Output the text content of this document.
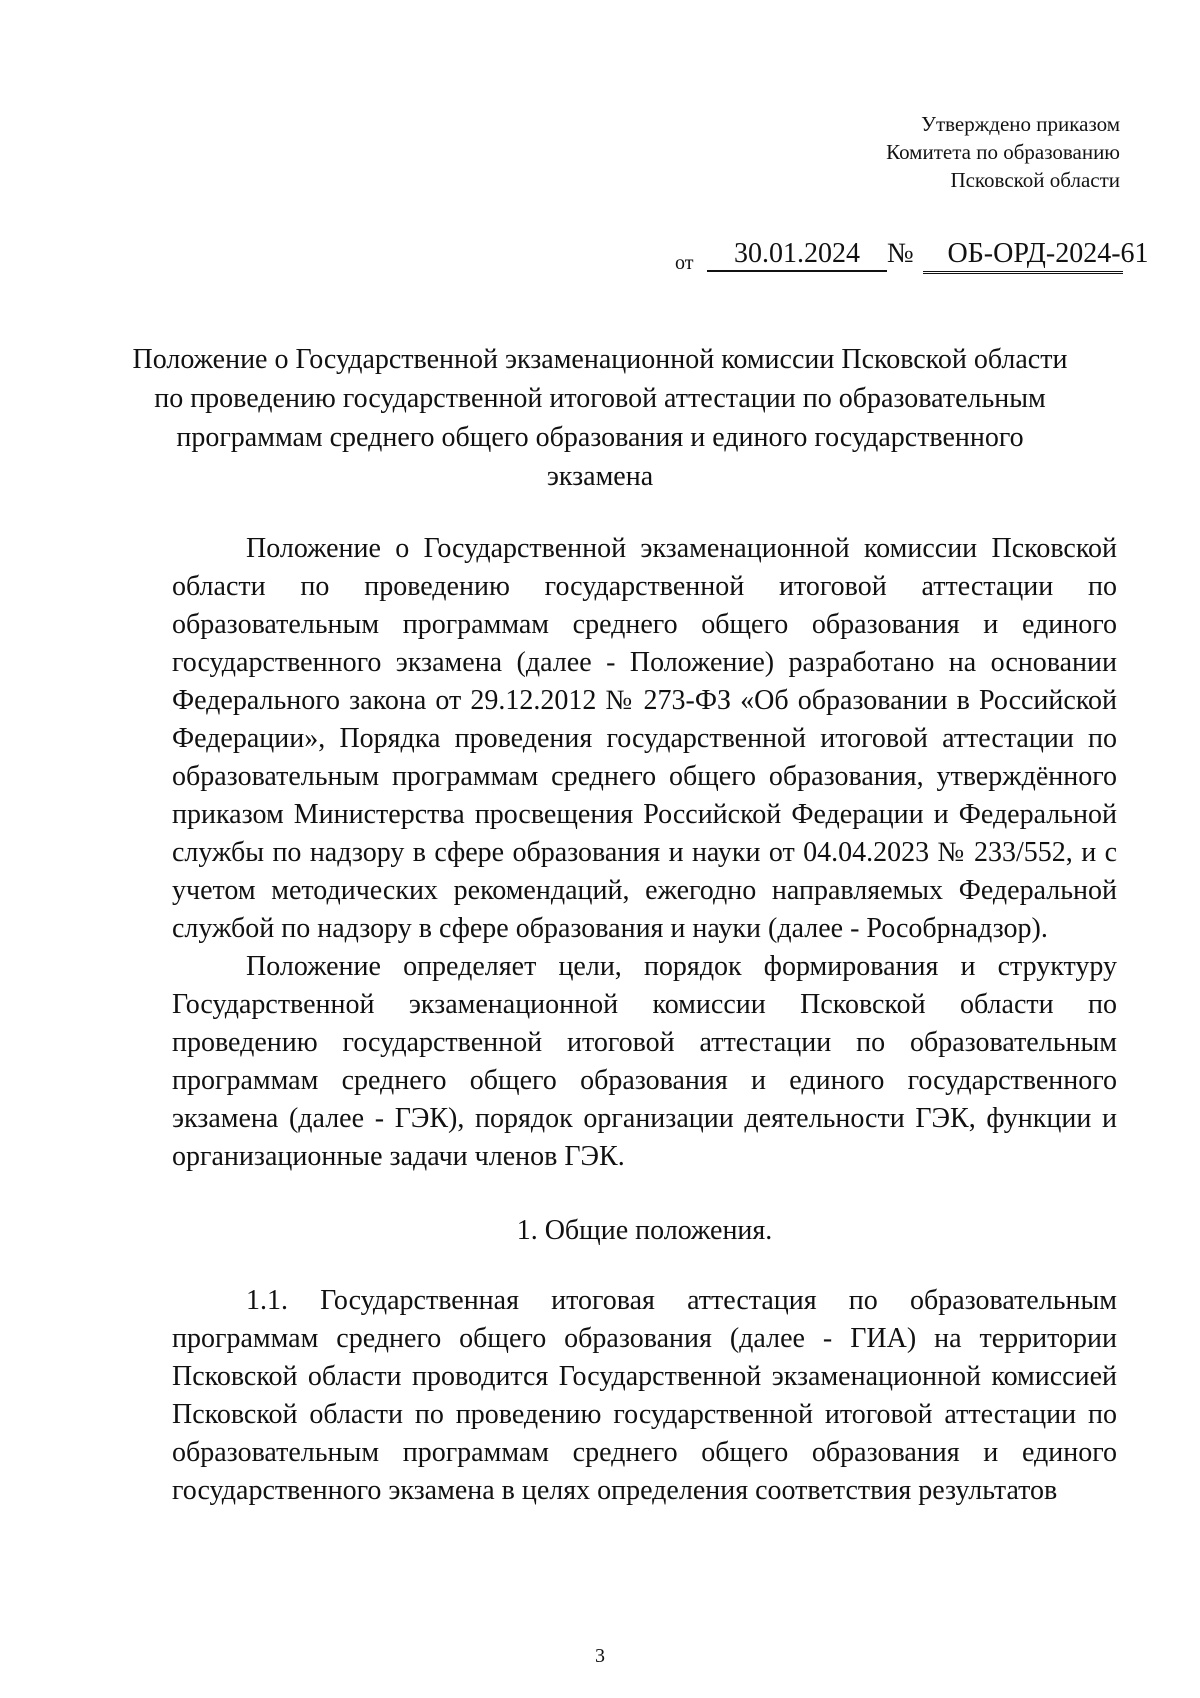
Утверждено приказом
Комитета по образованию
Псковской области
от	30.01.2024 №	ОБ-ОРД-2024-61
Положение о Государственной экзаменационной комиссии Псковской области по проведению государственной итоговой аттестации по образовательным программам среднего общего образования и единого государственного экзамена

Положение о Государственной экзаменационной комиссии Псковской области по проведению государственной итоговой аттестации по образовательным программам среднего общего образования и единого государственного экзамена (далее - Положение) разработано на основании Федерального закона от 29.12.2012 № 273-ФЗ «Об образовании в Российской Федерации», Порядка проведения государственной итоговой аттестации по образовательным программам среднего общего образования, утверждённого приказом Министерства просвещения Российской Федерации и Федеральной службы по надзору в сфере образования и науки от 04.04.2023 № 233/552, и с учетом методических рекомендаций, ежегодно направляемых Федеральной службой по надзору в сфере образования и науки (далее - Рособрнадзор).

Положение определяет цели, порядок формирования и структуру Государственной экзаменационной комиссии Псковской области по проведению государственной итоговой аттестации по образовательным программам среднего общего образования и единого государственного экзамена (далее - ГЭК), порядок организации деятельности ГЭК, функции и организационные задачи членов ГЭК.

1. Общие положения.

1.1. Государственная итоговая аттестация по образовательным программам среднего общего образования (далее - ГИА) на территории Псковской области проводится Государственной экзаменационной комиссией Псковской области по проведению государственной итоговой аттестации по образовательным программам среднего общего образования и единого государственного экзамена в целях определения соответствия результатов

3
